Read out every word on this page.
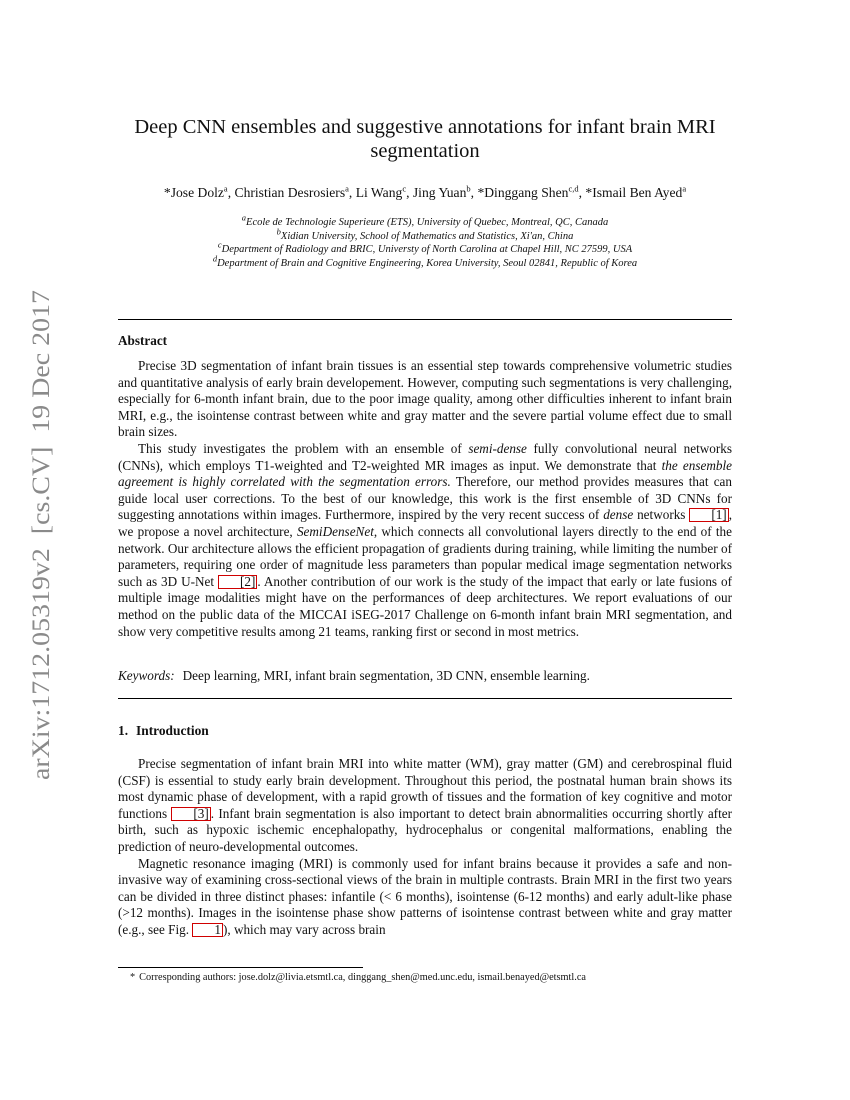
arXiv:1712.05319v2  [cs.CV]  19 Dec 2017
Deep CNN ensembles and suggestive annotations for infant brain MRI segmentation
*Jose Dolz$^a$, Christian Desrosiers$^a$, Li Wang$^c$, Jing Yuan$^b$, *Dinggang Shen$^{c,d}$, *Ismail Ben Ayed$^a$
$^a$Ecole de Technologie Superieure (ETS), University of Quebec, Montreal, QC, Canada
$^b$Xidian University, School of Mathematics and Statistics, Xi'an, China
$^c$Department of Radiology and BRIC, Universty of North Carolina at Chapel Hill, NC 27599, USA
$^d$Department of Brain and Cognitive Engineering, Korea University, Seoul 02841, Republic of Korea
Abstract

Precise 3D segmentation of infant brain tissues is an essential step towards comprehensive volumetric studies and quantitative analysis of early brain developement. However, computing such segmentations is very challenging, especially for 6-month infant brain, due to the poor image quality, among other difficulties inherent to infant brain MRI, e.g., the isointense contrast between white and gray matter and the severe partial volume effect due to small brain sizes.

This study investigates the problem with an ensemble of semi-dense fully convolutional neural networks (CNNs), which employs T1-weighted and T2-weighted MR images as input. We demonstrate that the ensemble agreement is highly correlated with the segmentation errors. Therefore, our method provides measures that can guide local user corrections. To the best of our knowledge, this work is the first ensemble of 3D CNNs for suggesting annotations within images. Furthermore, inspired by the very recent success of dense networks [1] , we propose a novel architecture, SemiDenseNet, which connects all convolutional layers directly to the end of the network. Our architecture allows the efficient propagation of gradients during training, while limiting the number of parameters, requiring one order of magnitude less parameters than popular medical image segmentation networks such as 3D U-Net [2] . Another contribution of our work is the study of the impact that early or late fusions of multiple image modalities might have on the performances of deep architectures. We report evaluations of our method on the public data of the MICCAI iSEG-2017 Challenge on 6-month infant brain MRI segmentation, and show very competitive results among 21 teams, ranking first or second in most metrics.

Keywords: Deep learning, MRI, infant brain segmentation, 3D CNN, ensemble learning.
1. Introduction

Precise segmentation of infant brain MRI into white matter (WM), gray matter (GM) and cerebrospinal fluid (CSF) is essential to study early brain development. Throughout this period, the postnatal human brain shows its most dynamic phase of development, with a rapid growth of tissues and the formation of key cognitive and motor functions [3] . Infant brain segmentation is also important to detect brain abnormalities occurring shortly after birth, such as hypoxic ischemic encephalopathy, hydrocephalus or congenital malformations, enabling the prediction of neuro-developmental outcomes.

Magnetic resonance imaging (MRI) is commonly used for infant brains because it provides a safe and non-invasive way of examining cross-sectional views of the brain in multiple contrasts. Brain MRI in the first two years can be divided in three distinct phases: infantile (< 6 months), isointense (6-12 months) and early adult-like phase (>12 months). Images in the isointense phase show patterns of isointense contrast between white and gray matter (e.g., see Fig. 1 ), which may vary across brain

* Corresponding authors: jose.dolz@livia.etsmtl.ca, dinggang_shen@med.unc.edu, ismail.benayed@etsmtl.ca
